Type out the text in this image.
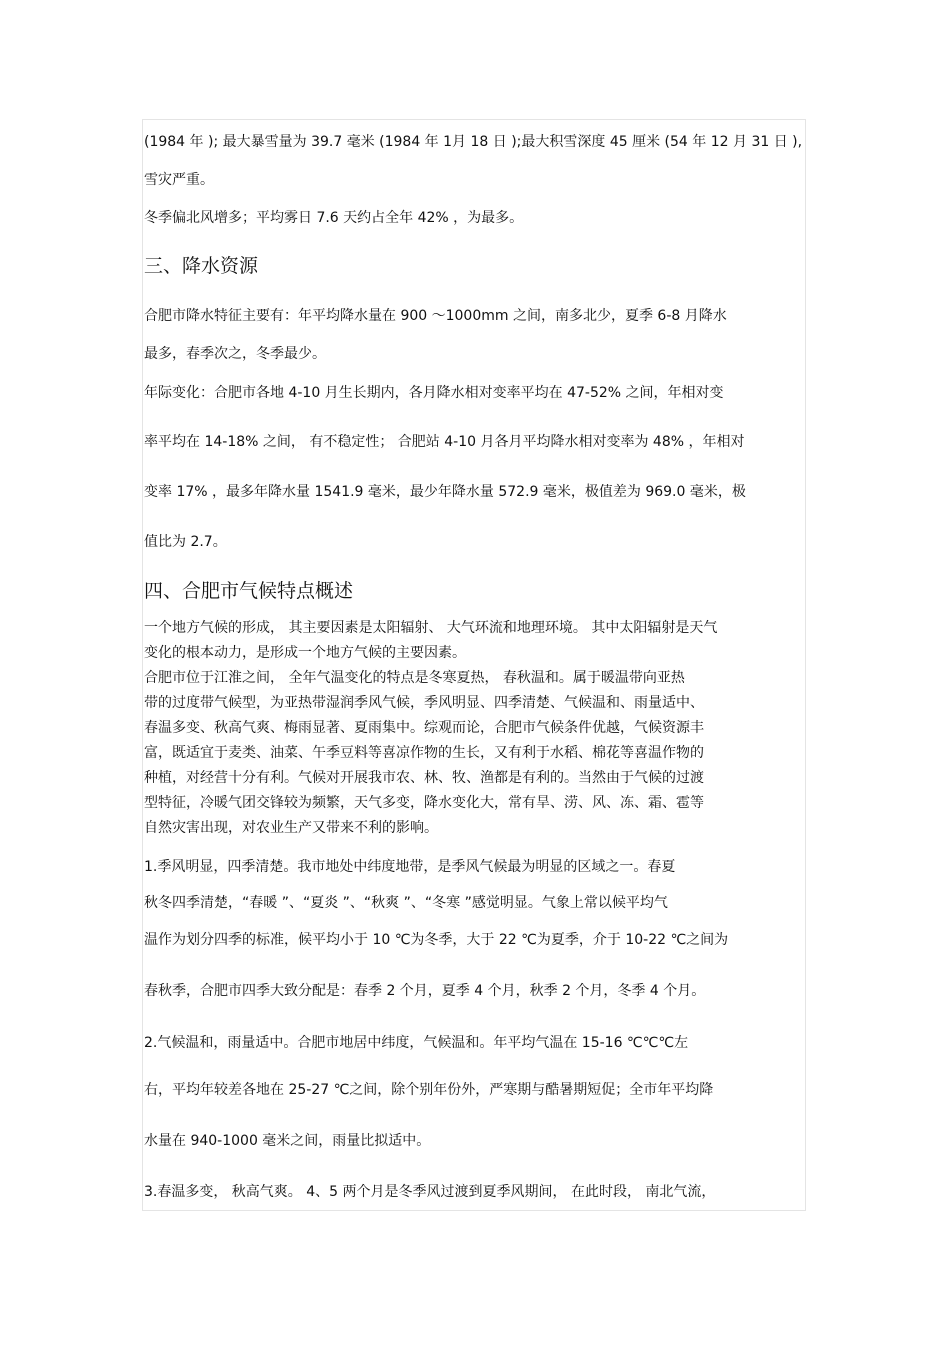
(1984 年 ); 最大暴雪量为 39.7 毫米 (1984 年 1月 18 日 );最大积雪深度 45 厘米 (54 年 12 月 31 日 ),
雪灾严重。
冬季偏北风增多；平均雾日 7.6 天约占全年 42% ，为最多。
三、降水资源
合肥市降水特征主要有：年平均降水量在 900 ～1000mm 之间，南多北少，夏季 6-8 月降水
最多，春季次之，冬季最少。
年际变化：合肥市各地 4-10 月生长期内，各月降水相对变率平均在 47-52% 之间，年相对变
率平均在 14-18% 之间， 有不稳定性； 合肥站 4-10 月各月平均降水相对变率为 48% ，年相对
变率 17% ，最多年降水量 1541.9 毫米，最少年降水量 572.9 毫米，极值差为 969.0 毫米，极
值比为 2.7。
四、合肥市气候特点概述
一个地方气候的形成， 其主要因素是太阳辐射、 大气环流和地理环境。 其中太阳辐射是天气
变化的根本动力，是形成一个地方气候的主要因素。
合肥市位于江淮之间， 全年气温变化的特点是冬寒夏热， 春秋温和。属于暖温带向亚热
带的过度带气候型，为亚热带湿润季风气候，季风明显、四季清楚、气候温和、雨量适中、
春温多变、秋高气爽、梅雨显著、夏雨集中。综观而论，合肥市气候条件优越，气候资源丰
富，既适宜于麦类、油菜、午季豆料等喜凉作物的生长，又有利于水稻、棉花等喜温作物的
种植，对经营十分有利。气候对开展我市农、林、牧、渔都是有利的。当然由于气候的过渡
型特征，冷暖气团交锋较为频繁，天气多变，降水变化大，常有旱、涝、风、冻、霜、雹等
自然灾害出现，对农业生产又带来不利的影响。
1.季风明显，四季清楚。我市地处中纬度地带，是季风气候最为明显的区域之一。春夏
秋冬四季清楚，“春暖 ”、“夏炎 ”、“秋爽 ”、“冬寒 ”感觉明显。气象上常以候平均气
温作为划分四季的标准，候平均小于 10 ℃为冬季，大于 22 ℃为夏季，介于 10-22 ℃之间为
春秋季，合肥市四季大致分配是：春季 2 个月，夏季 4 个月，秋季 2 个月，冬季 4 个月。
2.气候温和，雨量适中。合肥市地居中纬度，气候温和。年平均气温在 15-16 ℃℃℃左
右，平均年较差各地在 25-27 ℃之间，除个别年份外，严寒期与酷暑期短促；全市年平均降
水量在 940-1000 毫米之间，雨量比拟适中。
3.春温多变， 秋高气爽。 4、5 两个月是冬季风过渡到夏季风期间， 在此时段， 南北气流，
